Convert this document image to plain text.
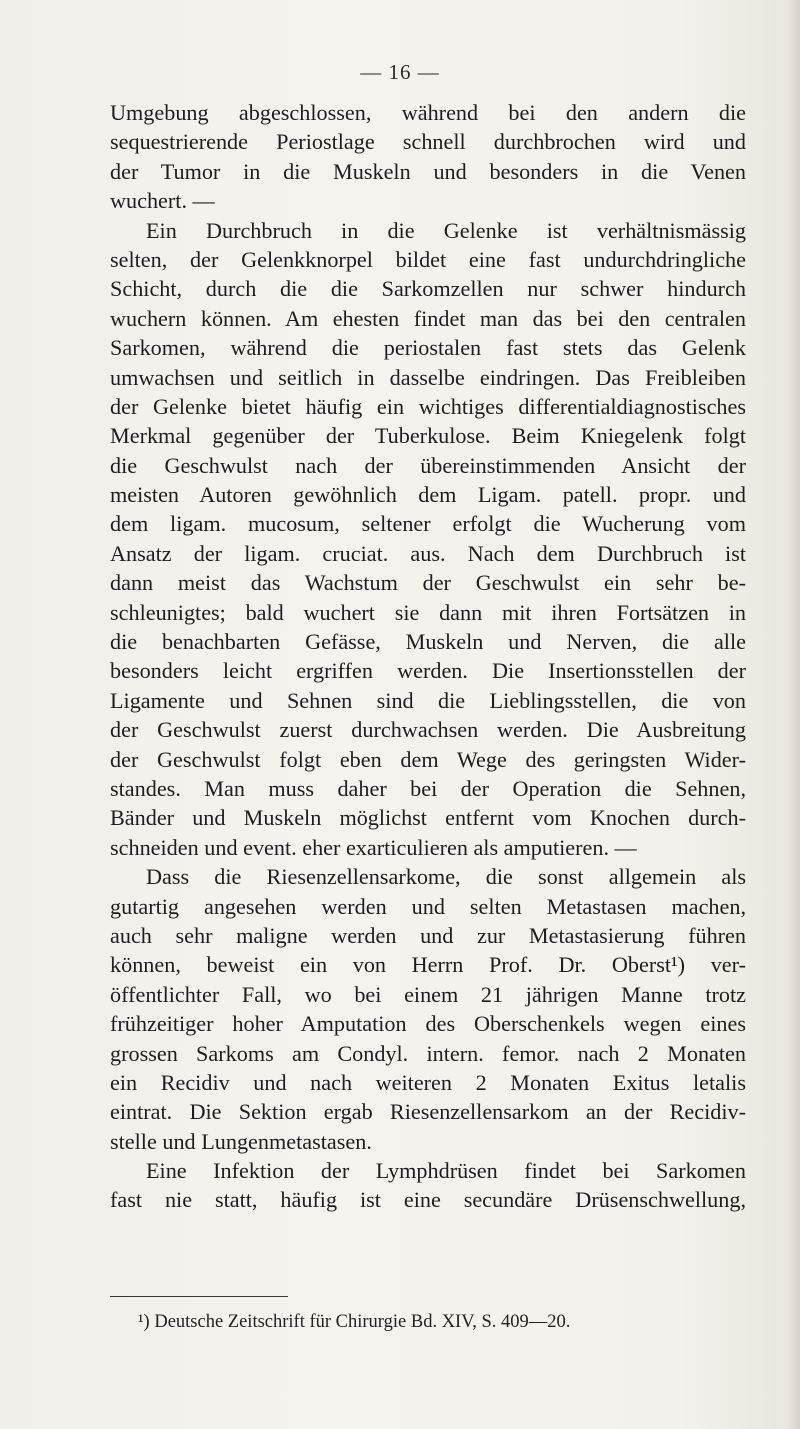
— 16 —
Umgebung abgeschlossen, während bei den andern die
sequestrierende Periostlage schnell durchbrochen wird und
der Tumor in die Muskeln und besonders in die Venen
wuchert. —
Ein Durchbruch in die Gelenke ist verhältnismässig
selten, der Gelenkknorpel bildet eine fast undurchdringliche
Schicht, durch die die Sarkomzellen nur schwer hindurch
wuchern können. Am ehesten findet man das bei den centralen
Sarkomen, während die periostalen fast stets das Gelenk
umwachsen und seitlich in dasselbe eindringen. Das Freibleiben
der Gelenke bietet häufig ein wichtiges differentialdiagnostisches
Merkmal gegenüber der Tuberkulose. Beim Kniegelenk folgt
die Geschwulst nach der übereinstimmenden Ansicht der
meisten Autoren gewöhnlich dem Ligam. patell. propr. und
dem ligam. mucosum, seltener erfolgt die Wucherung vom
Ansatz der ligam. cruciat. aus. Nach dem Durchbruch ist
dann meist das Wachstum der Geschwulst ein sehr be-
schleunigtes; bald wuchert sie dann mit ihren Fortsätzen in
die benachbarten Gefässe, Muskeln und Nerven, die alle
besonders leicht ergriffen werden. Die Insertionsstellen der
Ligamente und Sehnen sind die Lieblingsstellen, die von
der Geschwulst zuerst durchwachsen werden. Die Ausbreitung
der Geschwulst folgt eben dem Wege des geringsten Wider-
standes. Man muss daher bei der Operation die Sehnen,
Bänder und Muskeln möglichst entfernt vom Knochen durch-
schneiden und event. eher exarticulieren als amputieren. —
Dass die Riesenzellensarkome, die sonst allgemein als
gutartig angesehen werden und selten Metastasen machen,
auch sehr maligne werden und zur Metastasierung führen
können, beweist ein von Herrn Prof. Dr. Oberst¹) ver-
öffentlichter Fall, wo bei einem 21 jährigen Manne trotz
frühzeitiger hoher Amputation des Oberschenkels wegen eines
grossen Sarkoms am Condyl. intern. femor. nach 2 Monaten
ein Recidiv und nach weiteren 2 Monaten Exitus letalis
eintrat. Die Sektion ergab Riesenzellensarkom an der Recidiv-
stelle und Lungenmetastasen.
Eine Infektion der Lymphdrüsen findet bei Sarkomen
fast nie statt, häufig ist eine secundäre Drüsenschwellung,
¹) Deutsche Zeitschrift für Chirurgie Bd. XIV, S. 409—20.
